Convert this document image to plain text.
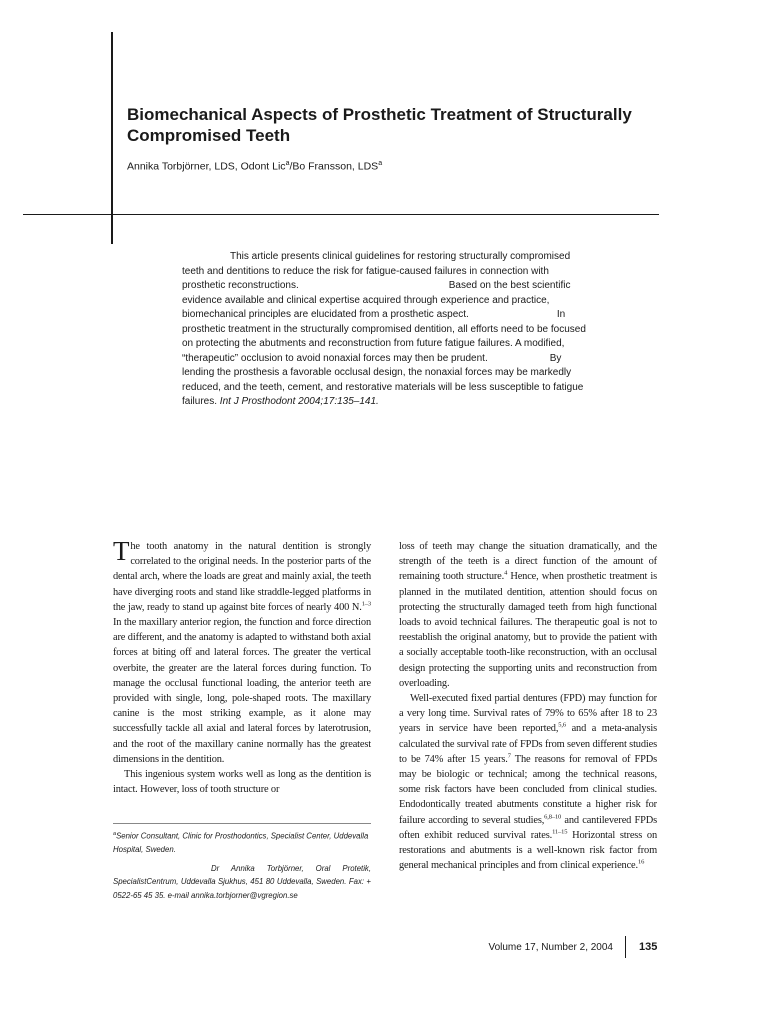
Biomechanical Aspects of Prosthetic Treatment of Structurally Compromised Teeth
Annika Torbjörner, LDS, Odont Lic$^a$/Bo Fransson, LDS$^a$

This article presents clinical guidelines for restoring structurally compromised teeth and dentitions to reduce the risk for fatigue-caused failures in connection with prosthetic reconstructions.	Based on the best scientific evidence available and clinical expertise acquired through experience and practice, biomechanical principles are elucidated from a prosthetic aspect.	In prosthetic treatment in the structurally compromised dentition, all efforts need to be focused on protecting the abutments and reconstruction from future fatigue failures. A modified, “therapeutic” occlusion to avoid nonaxial forces may then be prudent.	By lending the prosthesis a favorable occlusal design, the nonaxial forces may be markedly reduced, and the teeth, cement, and restorative materials will be less susceptible to fatigue failures. Int J Prosthodont 2004;17:135–141.

The tooth anatomy in the natural dentition is strongly correlated to the original needs. In the posterior parts of the dental arch, where the loads are great and mainly axial, the teeth have diverging roots and stand like straddle-legged platforms in the jaw, ready to stand up against bite forces of nearly 400 N.$^{1-3}$ In the maxillary anterior region, the function and force direction are different, and the anatomy is adapted to withstand both axial forces at biting off and lateral forces. The greater the vertical overbite, the greater are the lateral forces during function. To manage the occlusal functional loading, the anterior teeth are provided with single, long, pole-shaped roots. The maxillary canine is the most striking example, as it alone may successfully tackle all axial and lateral forces by laterotrusion, and the root of the maxillary canine normally has the greatest dimensions in the dentition.

This ingenious system works well as long as the dentition is intact. However, loss of tooth structure or

loss of teeth may change the situation dramatically, and the strength of the teeth is a direct function of the amount of remaining tooth structure.$^4$ Hence, when prosthetic treatment is planned in the mutilated dentition, attention should focus on protecting the structurally damaged teeth from high functional loads to avoid technical failures. The therapeutic goal is not to reestablish the original anatomy, but to provide the patient with a socially acceptable tooth-like reconstruction, with an occlusal design protecting the supporting units and reconstruction from overloading.

Well-executed fixed partial dentures (FPD) may function for a very long time. Survival rates of 79% to 65% after 18 to 23 years in service have been reported,$^{5,6}$ and a meta-analysis calculated the survival rate of FPDs from seven different studies to be 74% after 15 years.$^7$ The reasons for removal of FPDs may be biologic or technical; among the technical reasons, some risk factors have been concluded from clinical studies. Endodontically treated abutments constitute a higher risk for failure according to several studies,$^{6,8-10}$ and cantilevered FPDs often exhibit reduced survival rates.$^{11-15}$ Horizontal stress on restorations and abutments is a well-known risk factor from general mechanical principles and from clinical experience.$^{16}$

$^a$Senior Consultant, Clinic for Prosthodontics, Specialist Center, Uddevalla Hospital, Sweden.

Dr Annika Torbjörner, Oral Protetik, SpecialistCentrum, Uddevalla Sjukhus, 451 80 Uddevalla, Sweden. Fax: + 0522-65 45 35. e-mail annika.torbjorner@vgregion.se

Volume 17, Number 2, 2004 135
